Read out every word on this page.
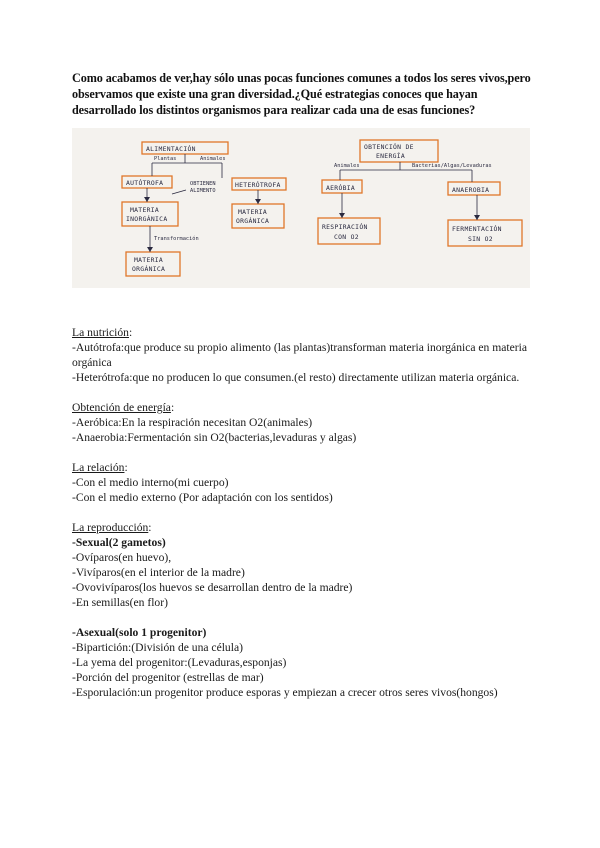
Como acabamos de ver,hay sólo unas pocas funciones comunes a todos los seres vivos,pero observamos que existe una gran diversidad.¿Qué estrategias conoces que hayan desarrollado los distintos organismos para realizar cada una de esas funciones?
ALIMENTACIÓN
Plantas	Animales
AUTÓTROFA	HETERÓTROFA
OBTIENEN
ALIMENTO
MATERIA
INORGÁNICA
MATERIA
ORGÁNICA
Transformación
MATERIA
ORGÁNICA
OBTENCIÓN DE
ENERGÍA
Animales	Bacterias/Algas/Levaduras
AERÓBIA	ANAEROBIA
RESPIRACIÓN
CON O2
FERMENTACIÓN
SIN O2
La nutrición:
-Autótrofa:que produce su propio alimento (las plantas)transforman materia inorgánica en materia orgánica
-Heterótrofa:que no producen lo que consumen.(el resto) directamente utilizan materia orgánica.
Obtención de energía:
-Aeróbica:En la respiración necesitan O2(animales)
-Anaerobia:Fermentación sin O2(bacterias,levaduras y algas)
La relación:
-Con el medio interno(mi cuerpo)
-Con el medio externo (Por adaptación con los sentidos)
La reproducción:
-Sexual(2 gametos)
-Ovíparos(en huevo),
-Vivíparos(en el interior de la madre)
-Ovovivíparos(los huevos se desarrollan dentro de la madre)
-En semillas(en flor)
-Asexual(solo 1 progenitor)
-Bipartición:(División de una célula)
-La yema del progenitor:(Levaduras,esponjas)
-Porción del progenitor (estrellas de mar)
-Esporulación:un progenitor produce esporas y empiezan a crecer otros seres vivos(hongos)
